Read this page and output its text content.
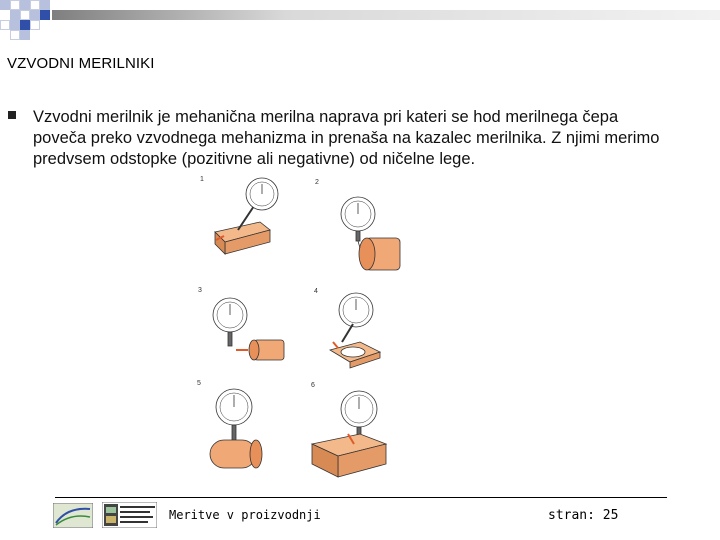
VZVODNI MERILNIKI
Vzvodni merilnik je mehanična merilna naprava pri kateri se hod merilnega čepa poveča preko vzvodnega mehanizma in prenaša na kazalec merilnika. Z njimi merimo predvsem odstopke (pozitivne ali negativne) od ničelne lege.
1	2
3	4
5	6
Meritve v proizvodnji	stran: 25
